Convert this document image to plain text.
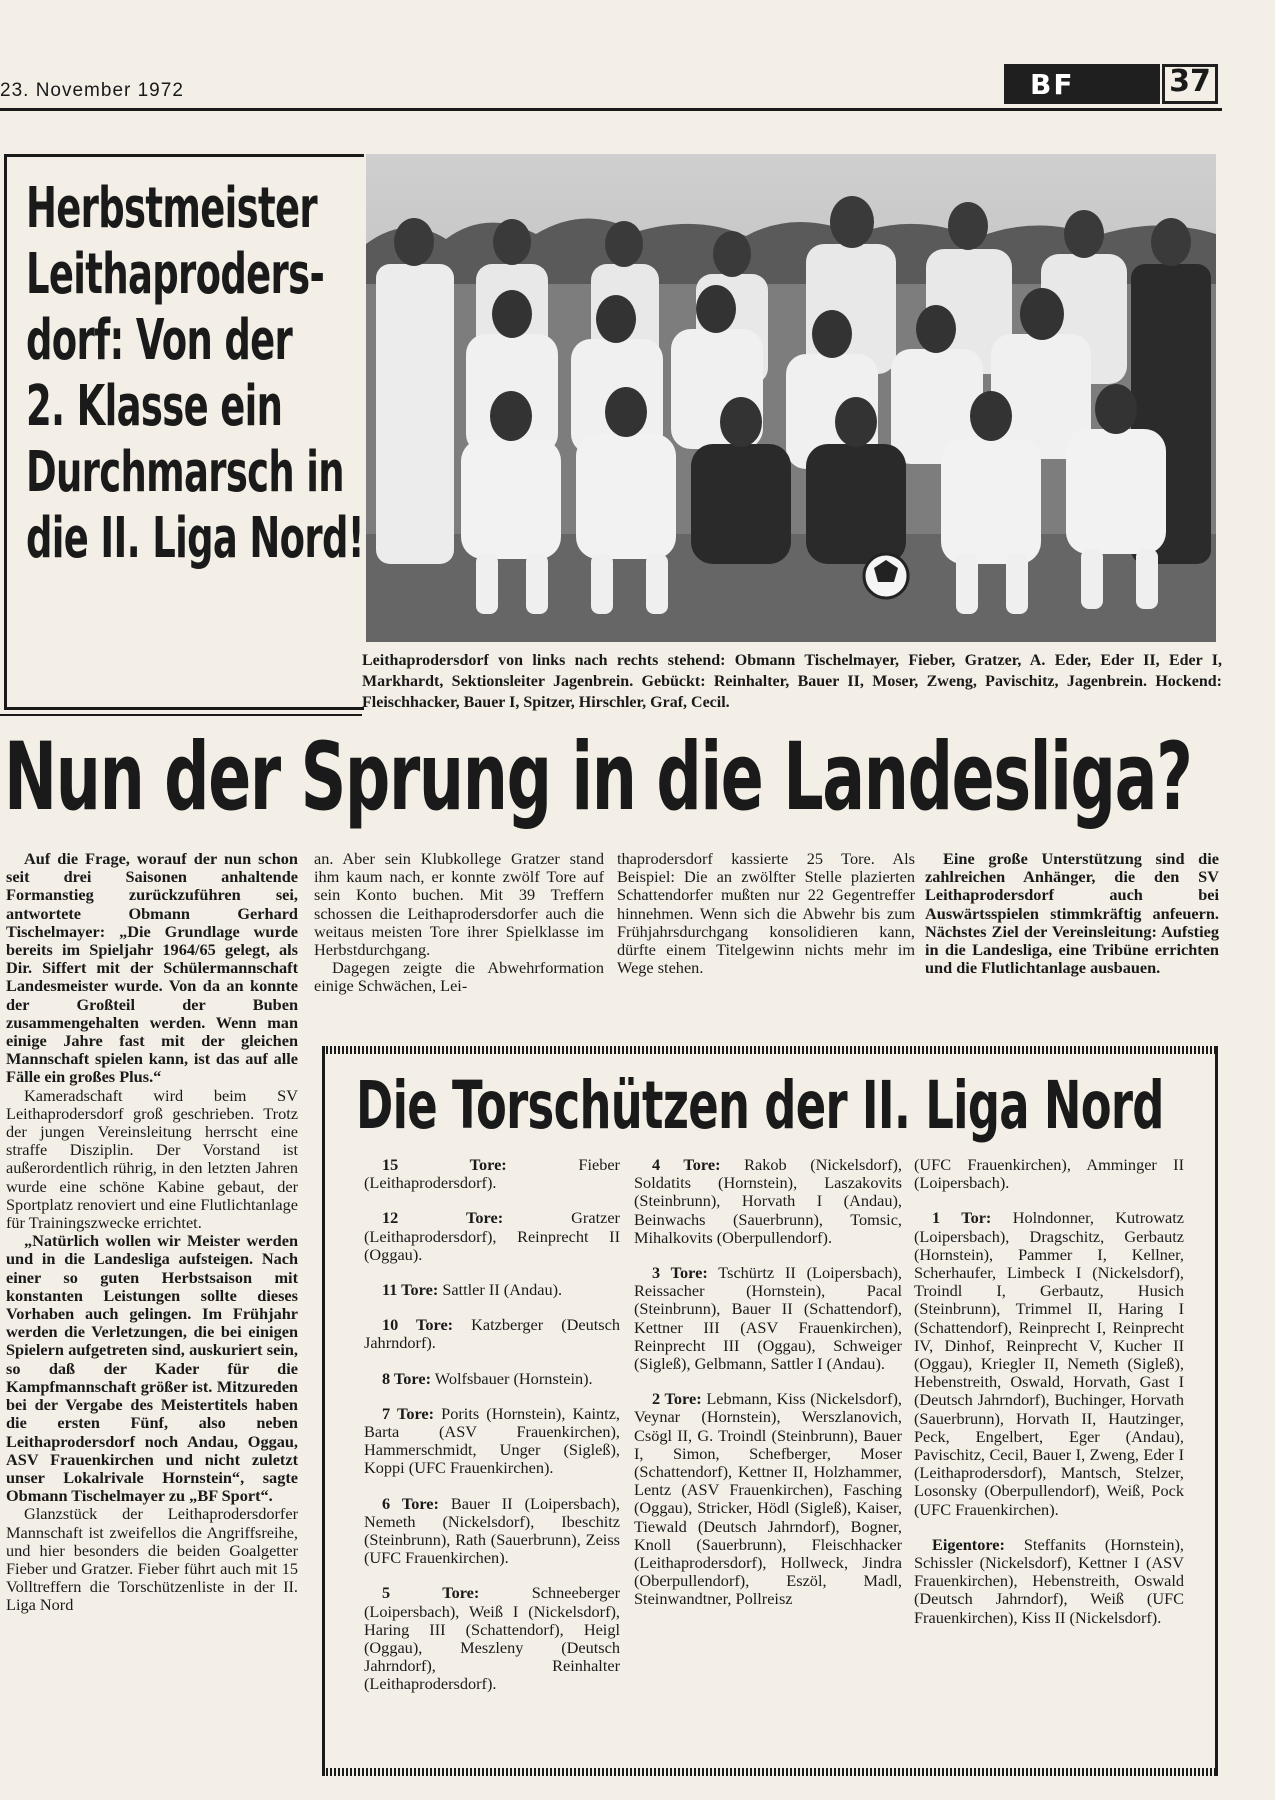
23. November 1972	BF	37
Herbstmeister
Leithaproders-
dorf: Von der
2. Klasse ein
Durchmarsch in
die II. Liga Nord!
Leithaprodersdorf von links nach rechts stehend: Obmann Tischelmayer, Fieber, Gratzer, A. Eder, Eder II, Eder I, Markhardt, Sektionsleiter Jagenbrein. Gebückt: Reinhalter, Bauer II, Moser, Zweng, Pavischitz, Jagenbrein. Hockend: Fleischhacker, Bauer I, Spitzer, Hirschler, Graf, Cecil.
Nun der Sprung in die Landesliga?

Auf die Frage, worauf der nun schon seit drei Saisonen anhaltende Formanstieg zurückzuführen sei, antwortete Obmann Gerhard Tischelmayer: „Die Grundlage wurde bereits im Spieljahr 1964/65 gelegt, als Dir. Siffert mit der Schülermannschaft Landesmeister wurde. Von da an konnte der Großteil der Buben zusammengehalten werden. Wenn man einige Jahre fast mit der gleichen Mannschaft spielen kann, ist das auf alle Fälle ein großes Plus.“

Kameradschaft wird beim SV Leithaprodersdorf groß geschrieben. Trotz der jungen Vereinsleitung herrscht eine straffe Disziplin. Der Vorstand ist außerordentlich rührig, in den letzten Jahren wurde eine schöne Kabine gebaut, der Sportplatz renoviert und eine Flutlichtanlage für Trainingszwecke errichtet.

„Natürlich wollen wir Meister werden und in die Landesliga aufsteigen. Nach einer so guten Herbstsaison mit konstanten Leistungen sollte dieses Vorhaben auch gelingen. Im Frühjahr werden die Verletzungen, die bei einigen Spielern aufgetreten sind, auskuriert sein, so daß der Kader für die Kampfmannschaft größer ist. Mitzureden bei der Vergabe des Meistertitels haben die ersten Fünf, also neben Leithaprodersdorf noch Andau, Oggau, ASV Frauenkirchen und nicht zuletzt unser Lokalrivale Hornstein“, sagte Obmann Tischelmayer zu „BF Sport“.

Glanzstück der Leithaprodersdorfer Mannschaft ist zweifellos die Angriffsreihe, und hier besonders die beiden Goalgetter Fieber und Gratzer. Fieber führt auch mit 15 Volltreffern die Torschützenliste in der II. Liga Nord

an. Aber sein Klubkollege Gratzer stand ihm kaum nach, er konnte zwölf Tore auf sein Konto buchen. Mit 39 Treffern schossen die Leithaprodersdorfer auch die weitaus meisten Tore ihrer Spielklasse im Herbstdurchgang.

Dagegen zeigte die Abwehrformation einige Schwächen, Lei-

thaprodersdorf kassierte 25 Tore. Als Beispiel: Die an zwölfter Stelle plazierten Schattendorfer mußten nur 22 Gegentreffer hinnehmen. Wenn sich die Abwehr bis zum Frühjahrsdurchgang konsolidieren kann, dürfte einem Titelgewinn nichts mehr im Wege stehen.

Eine große Unterstützung sind die zahlreichen Anhänger, die den SV Leithaprodersdorf auch bei Auswärtsspielen stimmkräftig anfeuern. Nächstes Ziel der Vereinsleitung: Aufstieg in die Landesliga, eine Tribüne errichten und die Flutlichtanlage ausbauen.

Die Torschützen der II. Liga Nord

15 Tore:	Fieber (Leithaprodersdorf).

12 Tore:	Gratzer (Leithaprodersdorf), Reinprecht II (Oggau).

11 Tore: Sattler II (Andau).

10 Tore: Katzberger (Deutsch Jahrndorf).

8 Tore: Wolfsbauer (Hornstein).

7 Tore: Porits (Hornstein), Kaintz, Barta (ASV Frauenkirchen), Hammerschmidt, Unger (Sigleß), Koppi (UFC Frauenkirchen).

6 Tore: Bauer II (Loipersbach), Nemeth (Nickelsdorf), Ibeschitz (Steinbrunn), Rath (Sauerbrunn), Zeiss (UFC Frauenkirchen).

5 Tore:	Schneeberger (Loipersbach), Weiß I (Nickelsdorf), Haring III (Schattendorf), Heigl (Oggau), Meszleny (Deutsch Jahrndorf), Reinhalter (Leithaprodersdorf).

4 Tore: Rakob (Nickelsdorf), Soldatits (Hornstein), Laszakovits (Steinbrunn), Horvath I (Andau), Beinwachs (Sauerbrunn), Tomsic, Mihalkovits (Oberpullendorf).

3 Tore: Tschürtz II (Loipersbach), Reissacher (Hornstein), Pacal (Steinbrunn), Bauer II (Schattendorf), Kettner III (ASV Frauenkirchen), Reinprecht III (Oggau), Schweiger (Sigleß), Gelbmann, Sattler I (Andau).

2 Tore: Lebmann, Kiss (Nickelsdorf), Veynar (Hornstein), Werszlanovich, Csögl II, G. Troindl (Steinbrunn), Bauer I, Simon, Schefberger, Moser (Schattendorf), Kettner II, Holzhammer, Lentz (ASV Frauenkirchen), Fasching (Oggau), Stricker, Hödl (Sigleß), Kaiser, Tiewald (Deutsch Jahrndorf), Bogner, Knoll (Sauerbrunn), Fleischhacker (Leithaprodersdorf), Hollweck, Jindra (Oberpullendorf), Eszöl, Madl, Steinwandtner, Pollreisz

(UFC Frauenkirchen), Amminger II (Loipersbach).

1 Tor: Holndonner, Kutrowatz (Loipersbach), Dragschitz, Gerbautz (Hornstein), Pammer I, Kellner, Scherhaufer, Limbeck I (Nickelsdorf), Troindl I, Gerbautz, Husich (Steinbrunn), Trimmel II, Haring I (Schattendorf), Reinprecht I, Reinprecht IV, Dinhof, Reinprecht V, Kucher II (Oggau), Kriegler II, Nemeth (Sigleß), Hebenstreith, Oswald, Horvath, Gast I (Deutsch Jahrndorf), Buchinger, Horvath (Sauerbrunn), Horvath II, Hautzinger, Peck, Engelbert, Eger (Andau), Pavischitz, Cecil, Bauer I, Zweng, Eder I (Leithaprodersdorf), Mantsch, Stelzer, Losonsky (Oberpullendorf), Weiß, Pock (UFC Frauenkirchen).

Eigentore: Steffanits (Hornstein), Schissler (Nickelsdorf), Kettner I (ASV Frauenkirchen), Hebenstreith, Oswald (Deutsch Jahrndorf), Weiß (UFC Frauenkirchen), Kiss II (Nickelsdorf).
